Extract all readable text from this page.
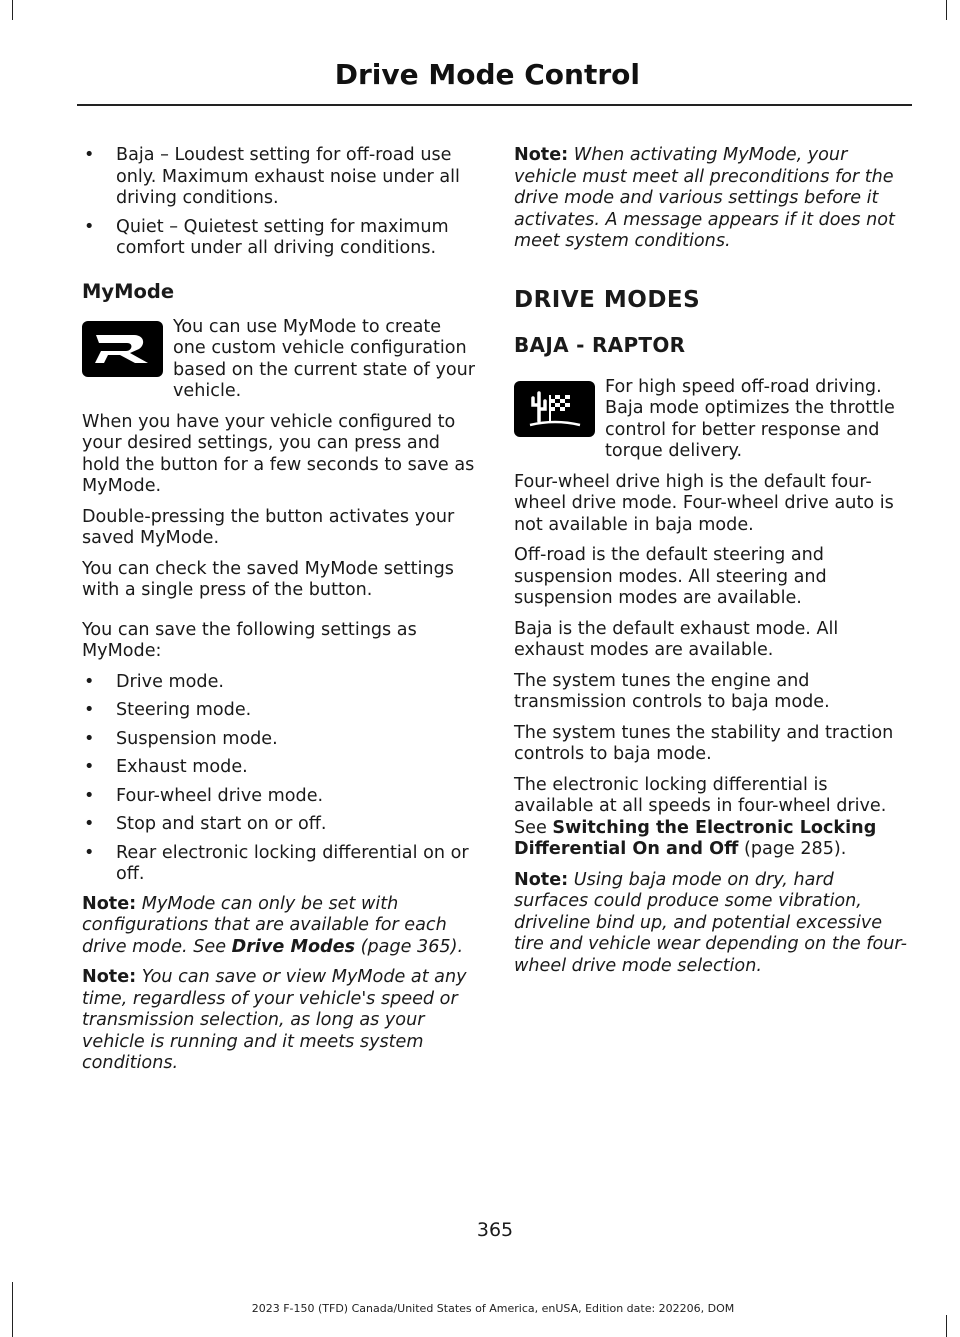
Drive Mode Control
• Baja – Loudest setting for off-road use only. Maximum exhaust noise under all driving conditions.
• Quiet – Quietest setting for maximum comfort under all driving conditions.
MyMode

You can use MyMode to create one custom vehicle configuration based on the current state of your vehicle.

When you have your vehicle configured to your desired settings, you can press and hold the button for a few seconds to save as MyMode.

Double-pressing the button activates your saved MyMode.

You can check the saved MyMode settings with a single press of the button.

You can save the following settings as MyMode:

• Drive mode.
• Steering mode.
• Suspension mode.
• Exhaust mode.
• Four-wheel drive mode.
• Stop and start on or off.
• Rear electronic locking differential on or off.

Note: MyMode can only be set with configurations that are available for each drive mode. See Drive Modes (page 365).

Note: You can save or view MyMode at any time, regardless of your vehicle's speed or transmission selection, as long as your vehicle is running and it meets system conditions.

Note: When activating MyMode, your vehicle must meet all preconditions for the drive mode and various settings before it activates. A message appears if it does not meet system conditions.

DRIVE MODES
BAJA - RAPTOR

For high speed off-road driving. Baja mode optimizes the throttle control for better response and torque delivery.

Four-wheel drive high is the default four-wheel drive mode. Four-wheel drive auto is not available in baja mode.

Off-road is the default steering and suspension modes. All steering and suspension modes are available.

Baja is the default exhaust mode. All exhaust modes are available.

The system tunes the engine and transmission controls to baja mode.

The system tunes the stability and traction controls to baja mode.

The electronic locking differential is available at all speeds in four-wheel drive. See Switching the Electronic Locking Differential On and Off (page 285).

Note: Using baja mode on dry, hard surfaces could produce some vibration, driveline bind up, and potential excessive tire and vehicle wear depending on the four-wheel drive mode selection.

365
2023 F-150 (TFD) Canada/United States of America, enUSA, Edition date: 202206, DOM
